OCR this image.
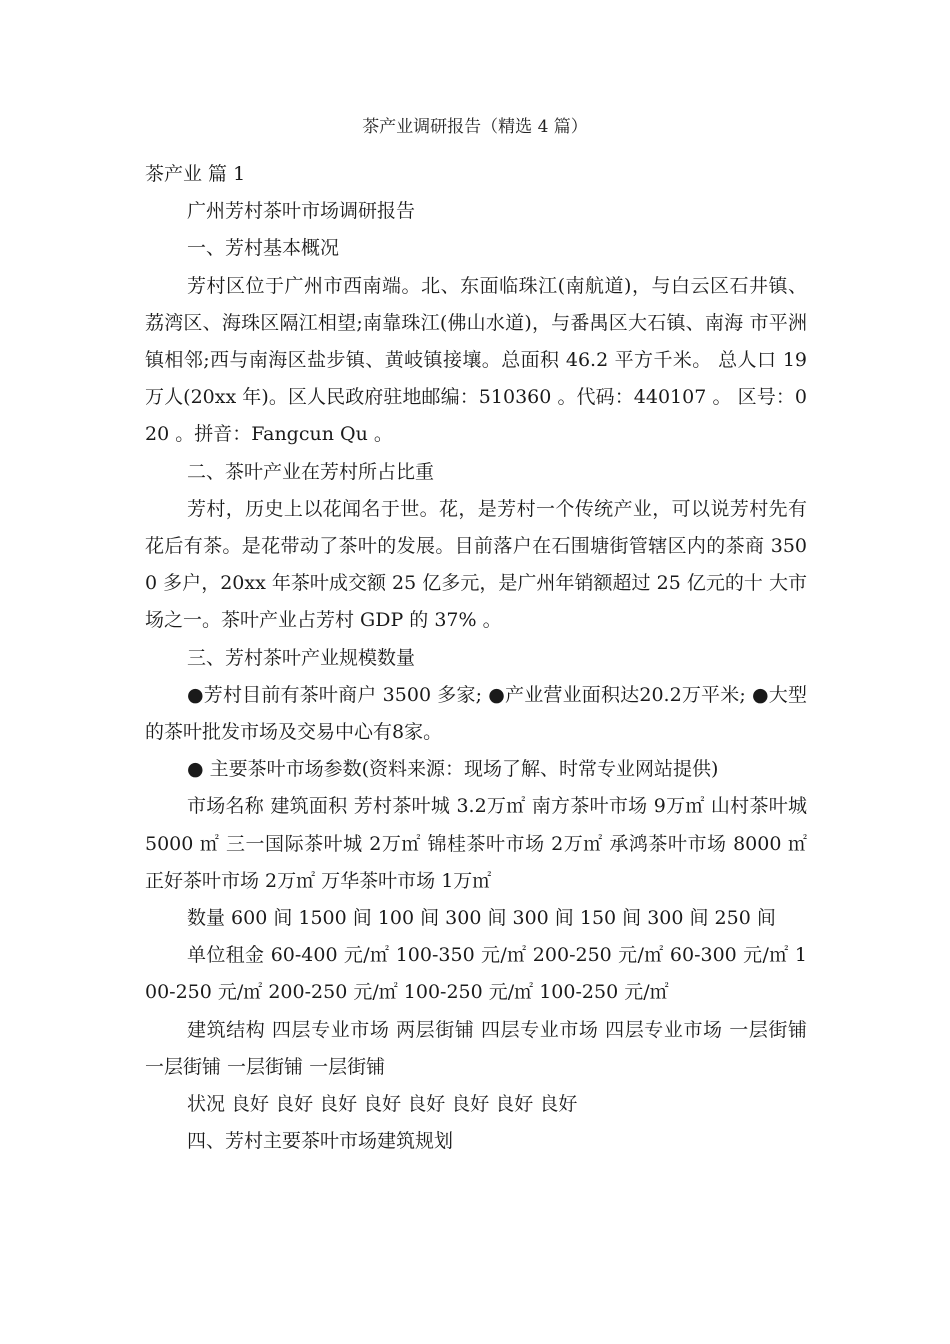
茶产业调研报告（精选 4 篇）

茶产业 篇 1

广州芳村茶叶市场调研报告

一、芳村基本概况

芳村区位于广州市西南端。北、东面临珠江(南航道)，与白云区石井镇、 荔湾区、海珠区隔江相望;南靠珠江(佛山水道)，与番禺区大石镇、南海 市平洲镇相邻;西与南海区盐步镇、黄岐镇接壤。总面积 46.2 平方千米。 总人口 19 万人(20xx 年)。区人民政府驻地邮编：510360 。代码：440107 。 区号：020 。拼音：Fangcun Qu 。

二、茶叶产业在芳村所占比重

芳村，历史上以花闻名于世。花，是芳村一个传统产业，可以说芳村先有 花后有茶。是花带动了茶叶的发展。目前落户在石围塘街管辖区内的茶商 3500 多户，20xx 年茶叶成交额 25 亿多元，是广州年销额超过 25 亿元的十 大市场之一。茶叶产业占芳村 GDP 的 37% 。

三、芳村茶叶产业规模数量

●芳村目前有茶叶商户 3500 多家; ●产业营业面积达20.2万平米; ●大型的茶叶批发市场及交易中心有8家。

● 主要茶叶市场参数(资料来源：现场了解、时常专业网站提供)

市场名称 建筑面积 芳村茶叶城 3.2万㎡ 南方茶叶市场 9万㎡ 山村茶叶城 5000 ㎡ 三一国际茶叶城 2万㎡ 锦桂茶叶市场 2万㎡ 承鸿茶叶市场 8000 ㎡ 正好茶叶市场 2万㎡ 万华茶叶市场 1万㎡

数量 600 间 1500 间 100 间 300 间 300 间 150 间 300 间 250 间

单位租金 60-400 元/㎡ 100-350 元/㎡ 200-250 元/㎡ 60-300 元/㎡ 100-250 元/㎡ 200-250 元/㎡ 100-250 元/㎡ 100-250 元/㎡

建筑结构 四层专业市场 两层街铺 四层专业市场 四层专业市场 一层街铺 一层街铺 一层街铺 一层街铺

状况 良好 良好 良好 良好 良好 良好 良好 良好

四、芳村主要茶叶市场建筑规划
